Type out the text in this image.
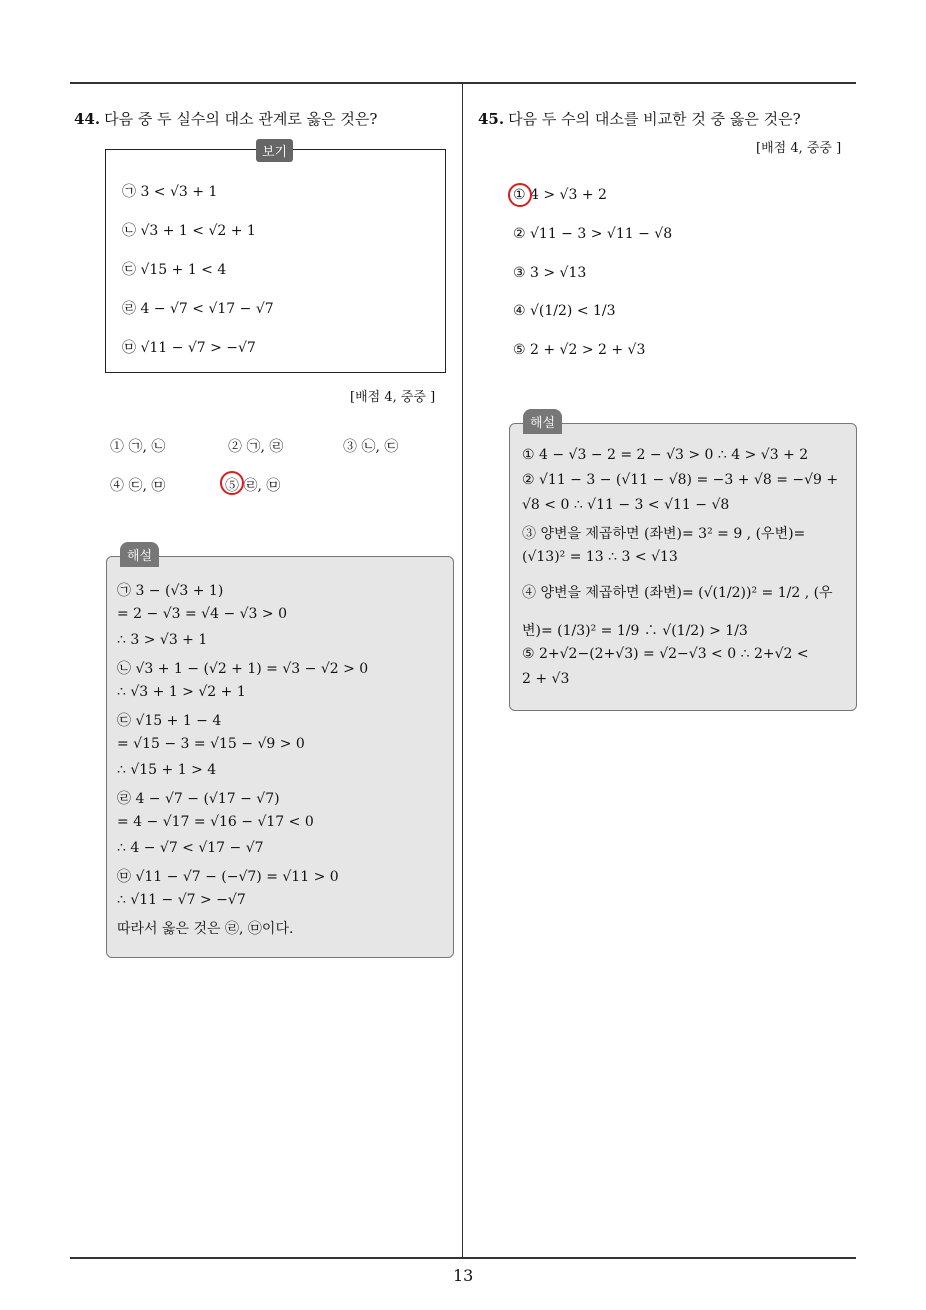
44. 다음 중 두 실수의 대소 관계로 옳은 것은?
보기
㉠ 3 < √3 + 1
㉡ √3 + 1 < √2 + 1
㉢ √15 + 1 < 4
㉣ 4 − √7 < √17 − √7
㉤ √11 − √7 > −√7
[배점 4, 중중 ]
① ㉠, ㉡	② ㉠, ㉣	③ ㉡, ㉢
④ ㉢, ㉤	⑤ ㉣, ㉤
해설
㉠ 3 − (√3 + 1)
= 2 − √3 = √4 − √3 > 0
∴ 3 > √3 + 1
㉡ √3 + 1 − (√2 + 1) = √3 − √2 > 0
∴ √3 + 1 > √2 + 1
㉢ √15 + 1 − 4
= √15 − 3 = √15 − √9 > 0
∴ √15 + 1 > 4
㉣ 4 − √7 − (√17 − √7)
= 4 − √17 = √16 − √17 < 0
∴ 4 − √7 < √17 − √7
㉤ √11 − √7 − (−√7) = √11 > 0
∴ √11 − √7 > −√7
따라서 옳은 것은 ㉣, ㉤이다.
45. 다음 두 수의 대소를 비교한 것 중 옳은 것은?
[배점 4, 중중 ]
① 4 > √3 + 2
② √11 − 3 > √11 − √8
③ 3 > √13
④ √(1/2) < 1/3
⑤ 2 + √2 > 2 + √3
해설
① 4 − √3 − 2 = 2 − √3 > 0 ∴ 4 > √3 + 2
② √11 − 3 − (√11 − √8) = −3 + √8 = −√9 +
√8 < 0 ∴ √11 − 3 < √11 − √8
③ 양변을 제곱하면 (좌변)= 3² = 9 , (우변)=
(√13)² = 13 ∴ 3 < √13
④ 양변을 제곱하면 (좌변)= (√(1/2))² = 1/2 , (우
변)= (1/3)² = 1/9 ∴ √(1/2) > 1/3
⑤ 2+√2−(2+√3) = √2−√3 < 0 ∴ 2+√2 <
2 + √3
13
